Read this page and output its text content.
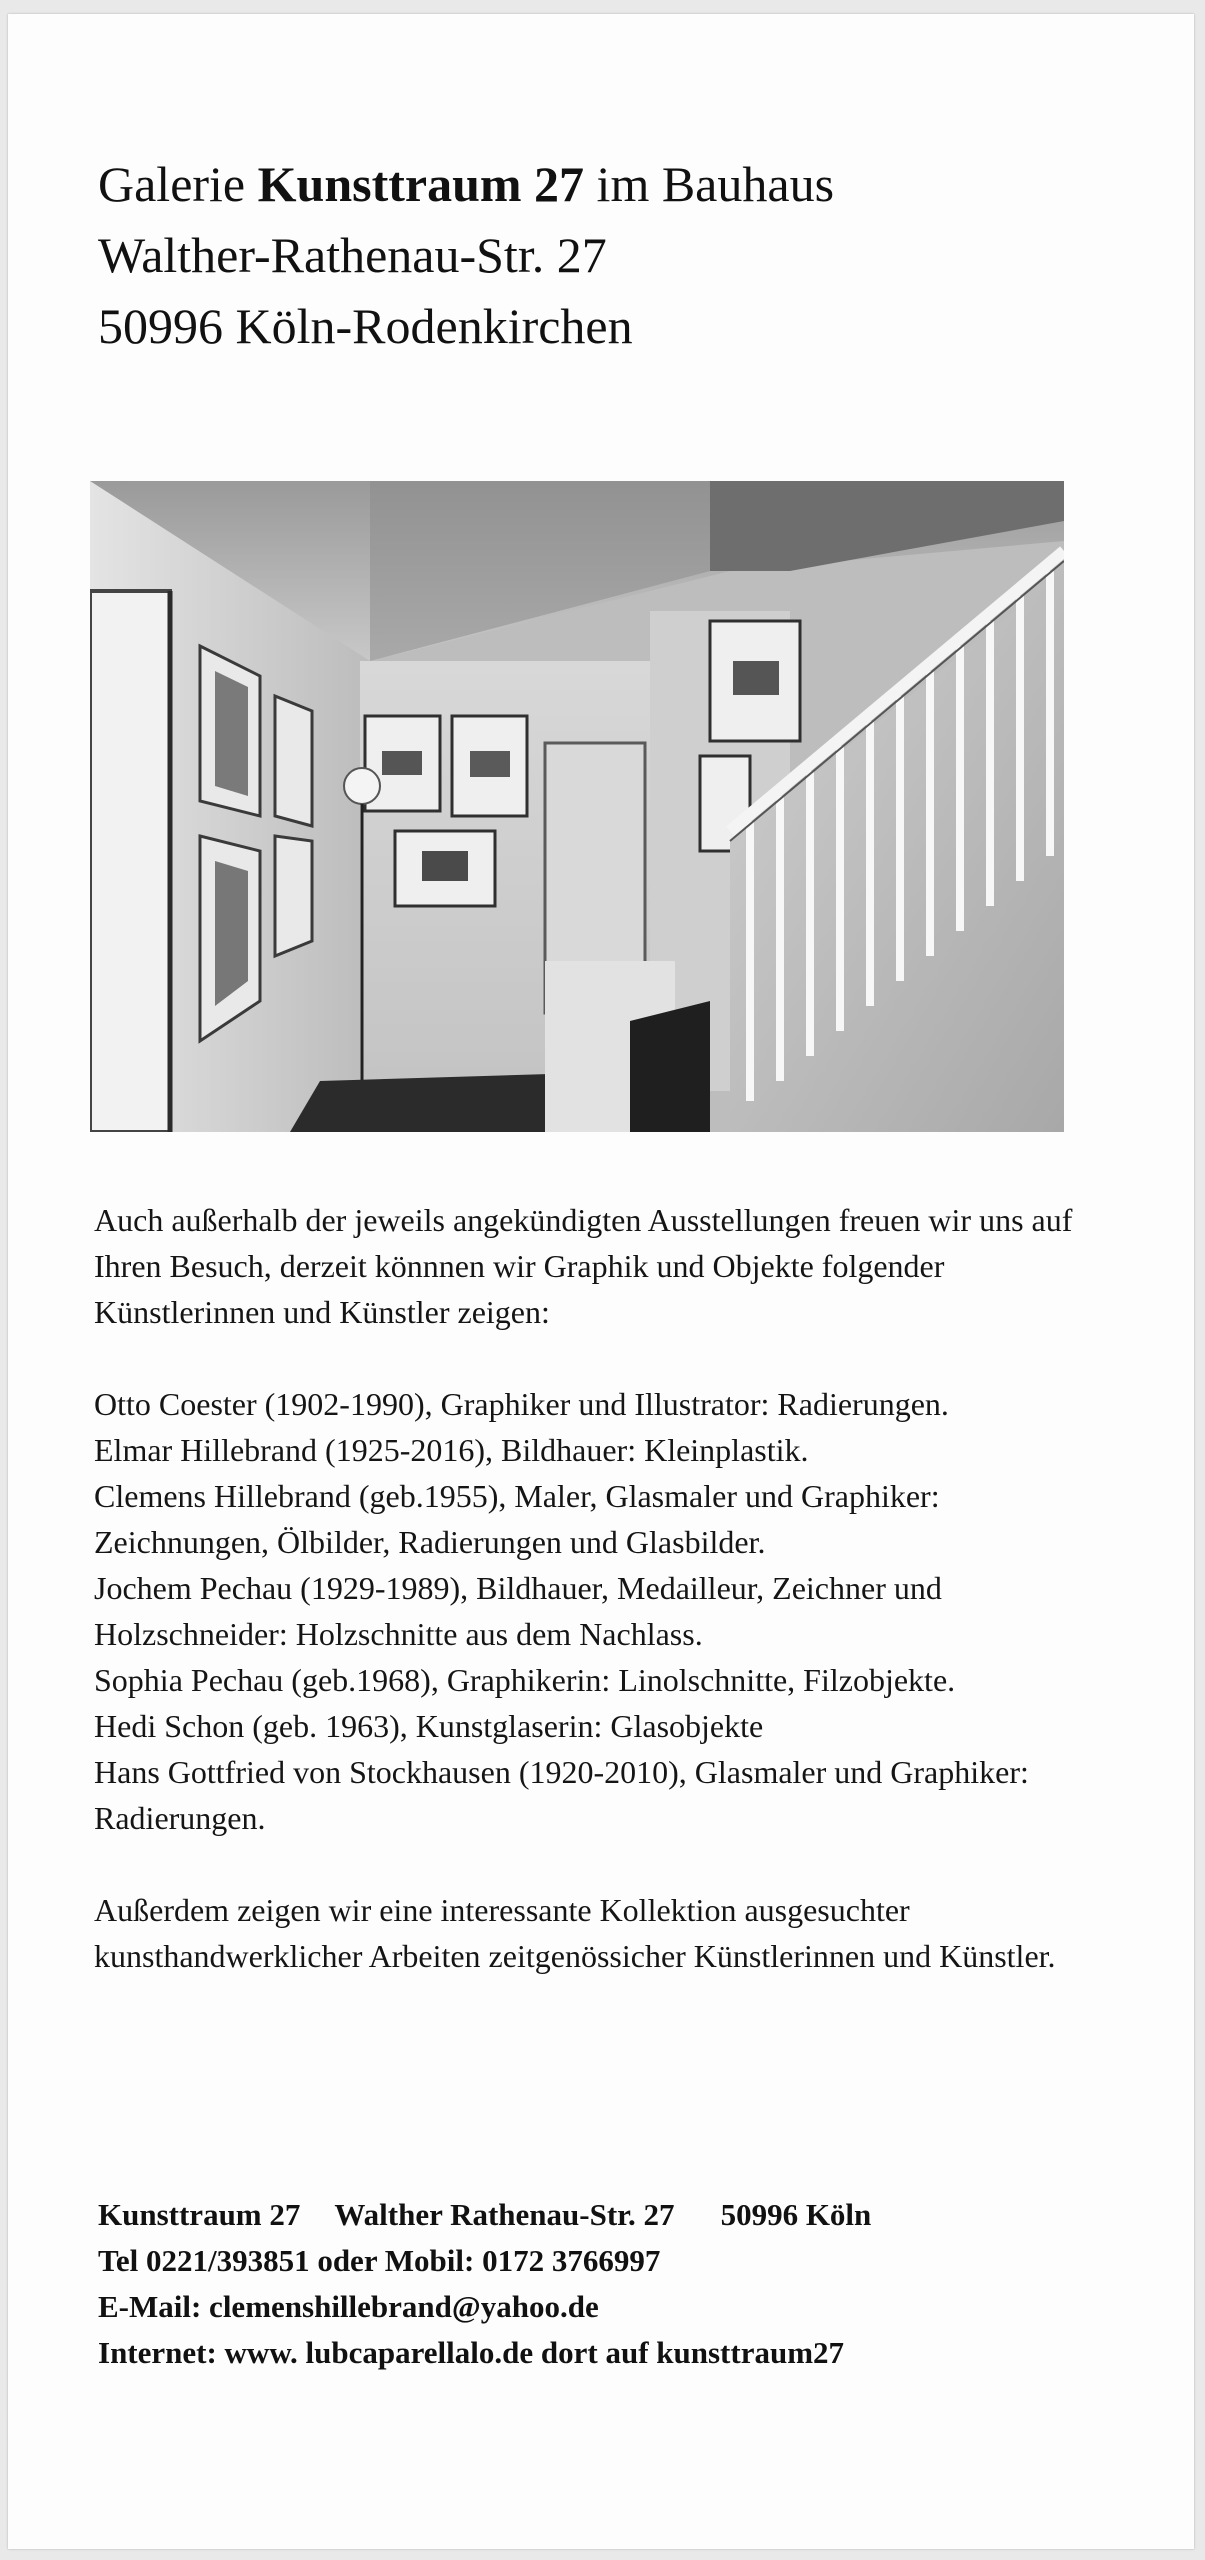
Galerie Kunsttraum 27 im Bauhaus
Walther-Rathenau-Str. 27
50996 Köln-Rodenkirchen

Auch außerhalb der jeweils angekündigten Ausstellungen freuen wir uns auf Ihren Besuch, derzeit könnnen wir Graphik und Objekte folgender Künstlerinnen und Künstler zeigen:

Otto Coester (1902-1990), Graphiker und Illustrator: Radierungen.

Elmar Hillebrand (1925-2016), Bildhauer: Kleinplastik.

Clemens Hillebrand (geb.1955), Maler, Glasmaler und Graphiker: Zeichnungen, Ölbilder, Radierungen und Glasbilder.

Jochem Pechau (1929-1989), Bildhauer, Medailleur, Zeichner und Holzschneider: Holzschnitte aus dem Nachlass.

Sophia Pechau (geb.1968), Graphikerin: Linolschnitte, Filzobjekte.

Hedi Schon (geb. 1963), Kunstglaserin: Glasobjekte

Hans Gottfried von Stockhausen (1920-2010), Glasmaler und Graphiker: Radierungen.

Außerdem zeigen wir eine interessante Kollektion ausgesuchter kunsthandwerklicher Arbeiten zeitgenössicher Künstlerinnen und Künstler.

Kunsttraum 27 Walther Rathenau-Str. 27 50996 Köln
Tel 0221/393851 oder Mobil: 0172 3766997
E-Mail: clemenshillebrand@yahoo.de
Internet: www. lubcaparellalo.de dort auf kunsttraum27
